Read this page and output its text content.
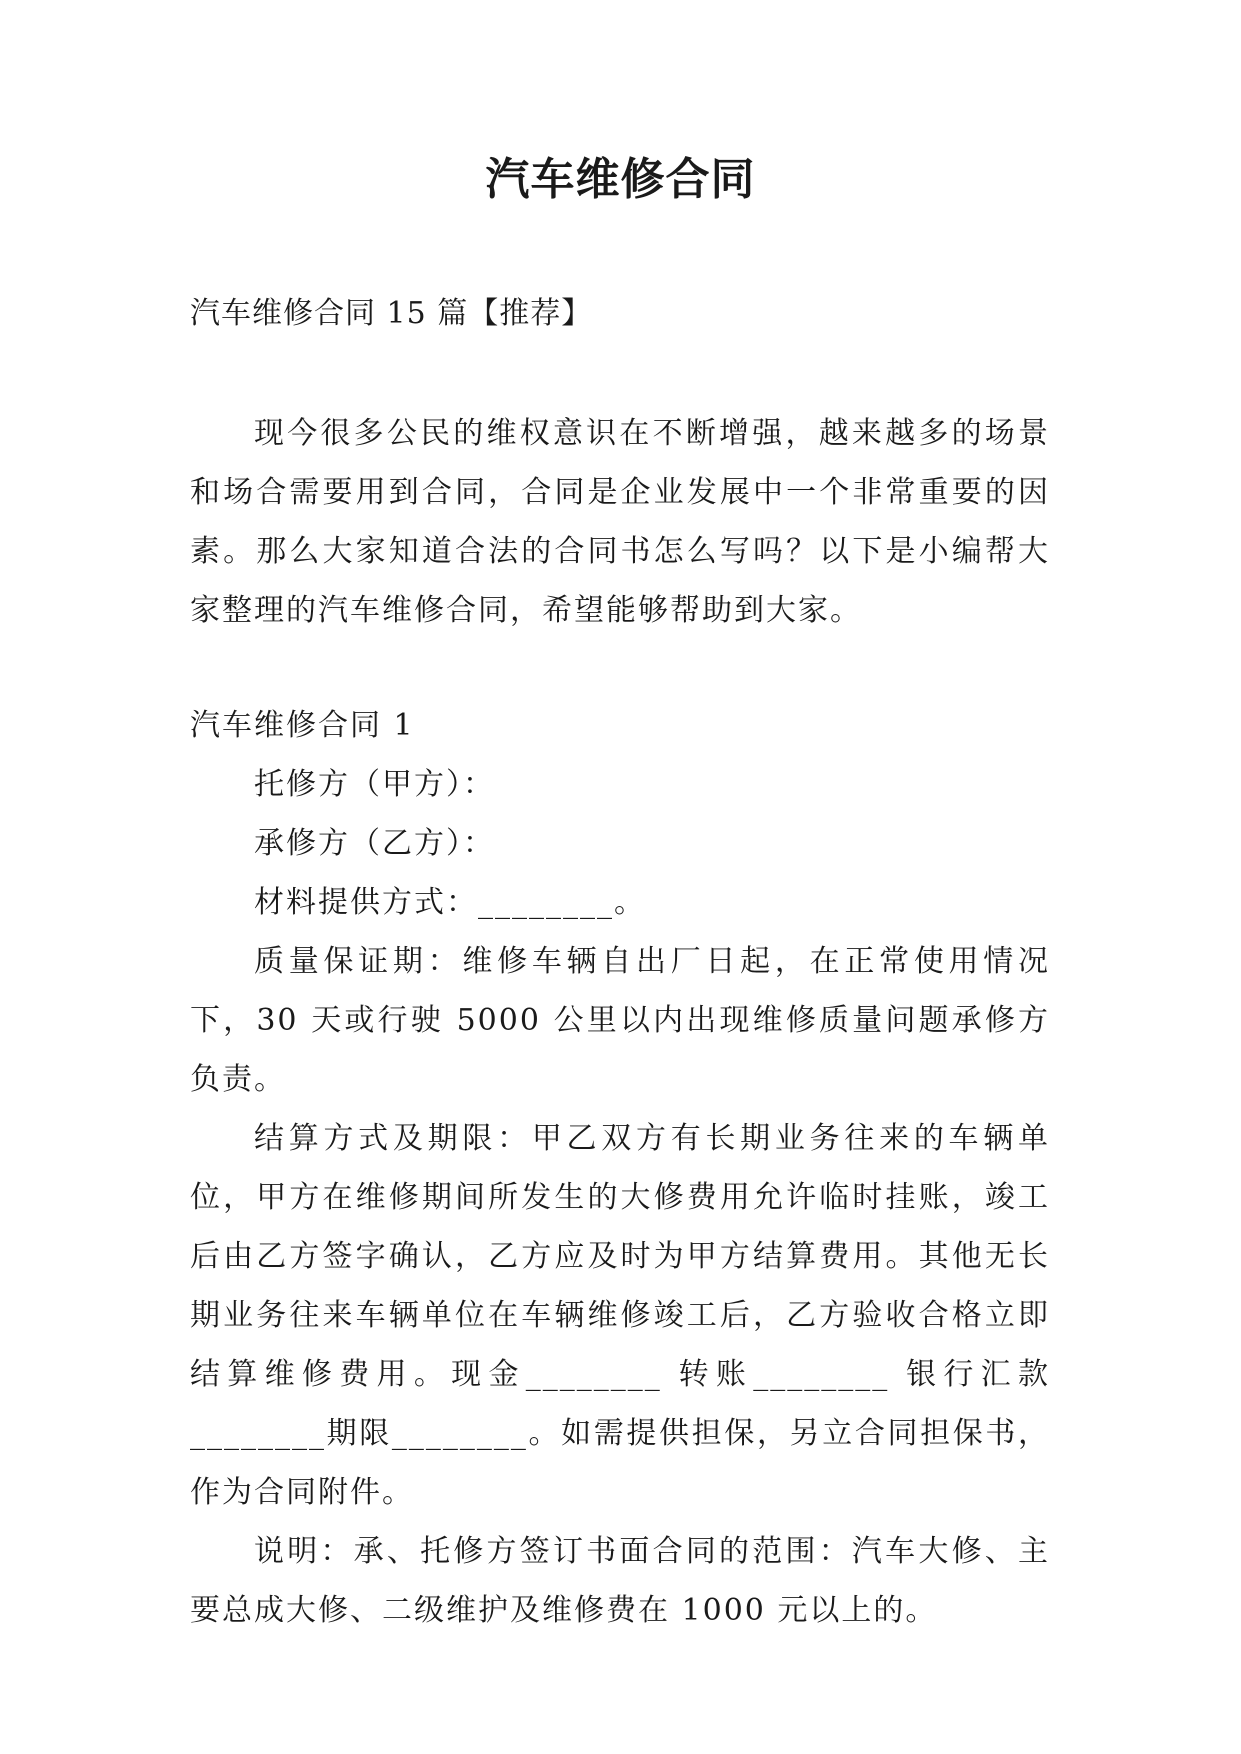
汽车维修合同
汽车维修合同 15 篇【推荐】

现今很多公民的维权意识在不断增强，越来越多的场景和场合需要用到合同，合同是企业发展中一个非常重要的因素。那么大家知道合法的合同书怎么写吗？以下是小编帮大家整理的汽车维修合同，希望能够帮助到大家。

汽车维修合同 1

托修方（甲方）：

承修方（乙方）：

材料提供方式：________。

质量保证期：维修车辆自出厂日起，在正常使用情况下，30 天或行驶 5000 公里以内出现维修质量问题承修方负责。

结算方式及期限：甲乙双方有长期业务往来的车辆单位，甲方在维修期间所发生的大修费用允许临时挂账，竣工后由乙方签字确认，乙方应及时为甲方结算费用。其他无长期业务往来车辆单位在车辆维修竣工后，乙方验收合格立即结算维修费用。现金________ 转账________ 银行汇款________期限________。如需提供担保，另立合同担保书，作为合同附件。

说明：承、托修方签订书面合同的范围：汽车大修、主要总成大修、二级维护及维修费在 1000 元以上的。
